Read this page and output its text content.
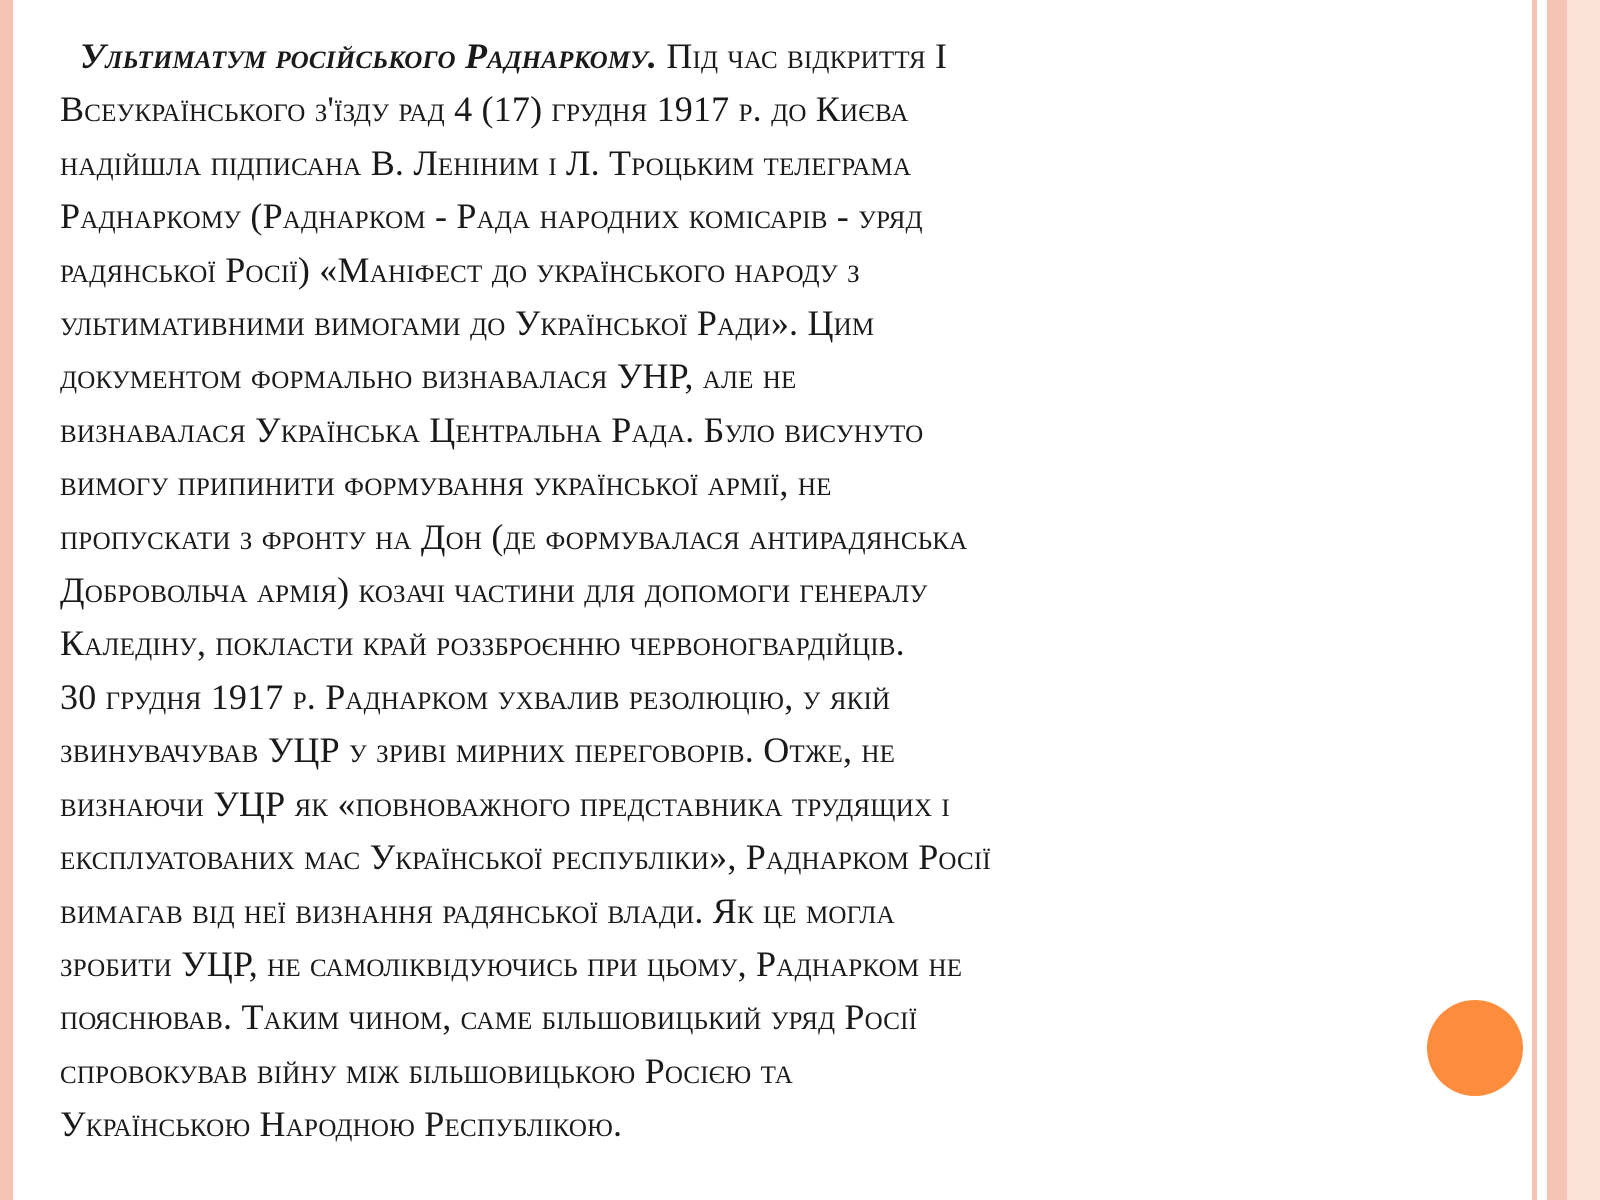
Ультиматум російського Раднаркому. Під час відкриття I
Всеукраїнського з'їзду рад 4 (17) грудня 1917 р. до Києва
надійшла підписана В. Леніним і Л. Троцьким телеграма
Раднаркому (Раднарком - Рада народних комісарів - уряд
радянської Росії) «Маніфест до українського народу з
ультимативними вимогами до Української Ради». Цим
документом формально визнавалася УНР, але не
визнавалася Українська Центральна Рада. Було висунуто
вимогу припинити формування української армії, не
пропускати з фронту на Дон (де формувалася антирадянська
Добровольча армія) козачі частини для допомоги генералу
Каледіну, покласти край роззброєнню червоногвардійців.
30 грудня 1917 р. Раднарком ухвалив резолюцію, у якій
звинувачував УЦР у зриві мирних переговорів. Отже, не
визнаючи УЦР як «повноважного представника трудящих і
експлуатованих мас Української республіки», Раднарком Росії
вимагав від неї визнання радянської влади. Як це могла
зробити УЦР, не самоліквідуючись при цьому, Раднарком не
пояснював. Таким чином, саме більшовицький уряд Росії
спровокував війну між більшовицькою Росією та
Українською Народною Республікою.
